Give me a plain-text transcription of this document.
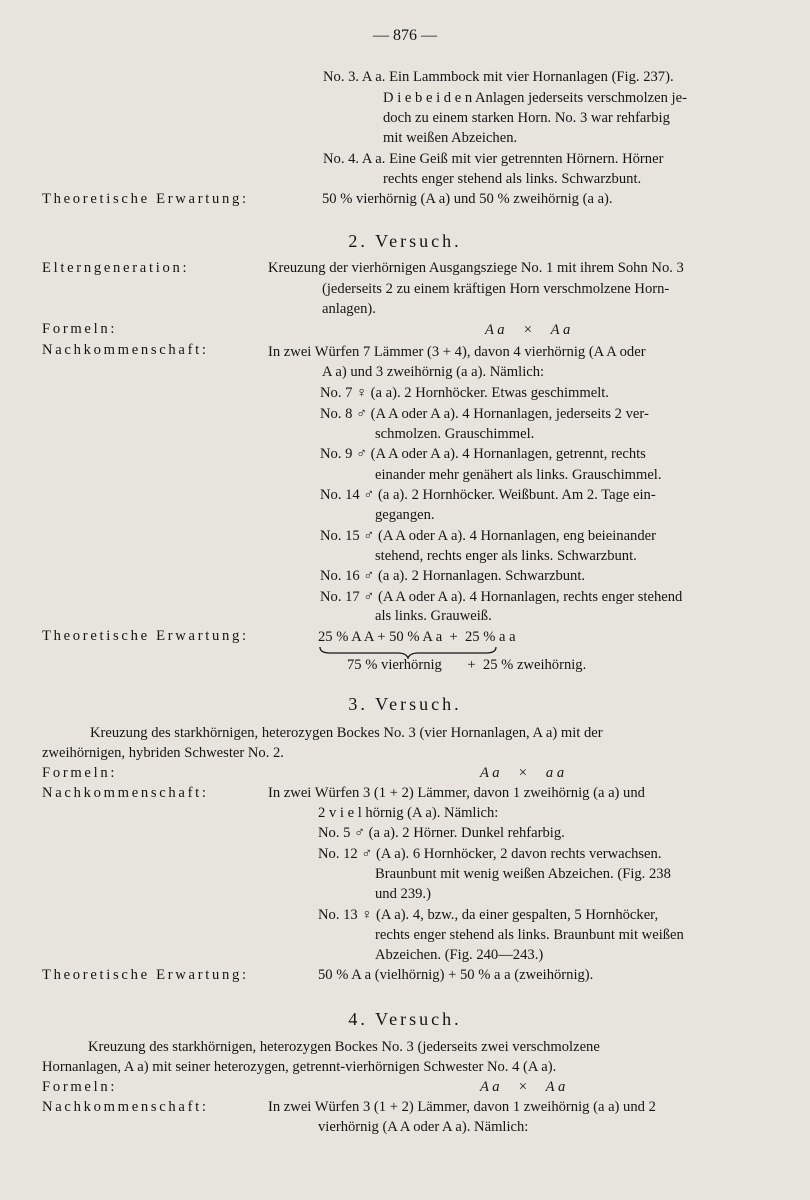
— 876 —
No. 3. A a. Ein Lammbock mit vier Hornanlagen (Fig. 237).
D i e b e i d e n Anlagen jederseits verschmolzen je-
doch zu einem starken Horn. No. 3 war rehfarbig
mit weißen Abzeichen.
No. 4. A a. Eine Geiß mit vier getrennten Hörnern. Hörner
rechts enger stehend als links. Schwarzbunt.
Theoretische Erwartung:	50 % vierhörnig (A a) und 50 % zweihörnig (a a).
2. Versuch.
Elterngeneration:	Kreuzung der vierhörnigen Ausgangsziege No. 1 mit ihrem Sohn No. 3
(jederseits 2 zu einem kräftigen Horn verschmolzene Horn-
anlagen).
Formeln:	A a     ×     A a
Nachkommenschaft:	In zwei Würfen 7 Lämmer (3 + 4), davon 4 vierhörnig (A A oder
A a) und 3 zweihörnig (a a). Nämlich:
No. 7 ♀ (a a). 2 Hornhöcker. Etwas geschimmelt.
No. 8 ♂ (A A oder A a). 4 Hornanlagen, jederseits 2 ver-
schmolzen. Grauschimmel.
No. 9 ♂ (A A oder A a). 4 Hornanlagen, getrennt, rechts
einander mehr genähert als links. Grauschimmel.
No. 14 ♂ (a a). 2 Hornhöcker. Weißbunt. Am 2. Tage ein-
gegangen.
No. 15 ♂ (A A oder A a). 4 Hornanlagen, eng beieinander
stehend, rechts enger als links. Schwarzbunt.
No. 16 ♂ (a a). 2 Hornanlagen. Schwarzbunt.
No. 17 ♂ (A A oder A a). 4 Hornanlagen, rechts enger stehend
als links. Grauweiß.
Theoretische Erwartung:	25 % A A + 50 % A a  +  25 % a a
75 % vierhörnig       +  25 % zweihörnig.
3. Versuch.
Kreuzung des starkhörnigen, heterozygen Bockes No. 3 (vier Hornanlagen, A a) mit der
zweihörnigen, hybriden Schwester No. 2.
Formeln:	A a     ×     a a
Nachkommenschaft:	In zwei Würfen 3 (1 + 2) Lämmer, davon 1 zweihörnig (a a) und
2 v i e l hörnig (A a). Nämlich:
No. 5 ♂ (a a). 2 Hörner. Dunkel rehfarbig.
No. 12 ♂ (A a). 6 Hornhöcker, 2 davon rechts verwachsen.
Braunbunt mit wenig weißen Abzeichen. (Fig. 238
und 239.)
No. 13 ♀ (A a). 4, bzw., da einer gespalten, 5 Hornhöcker,
rechts enger stehend als links. Braunbunt mit weißen
Abzeichen. (Fig. 240—243.)
Theoretische Erwartung:	50 % A a (vielhörnig) + 50 % a a (zweihörnig).
4. Versuch.
Kreuzung des starkhörnigen, heterozygen Bockes No. 3 (jederseits zwei verschmolzene
Hornanlagen, A a) mit seiner heterozygen, getrennt-vierhörnigen Schwester No. 4 (A a).
Formeln:	A a     ×     A a
Nachkommenschaft:	In zwei Würfen 3 (1 + 2) Lämmer, davon 1 zweihörnig (a a) und 2
vierhörnig (A A oder A a). Nämlich:
